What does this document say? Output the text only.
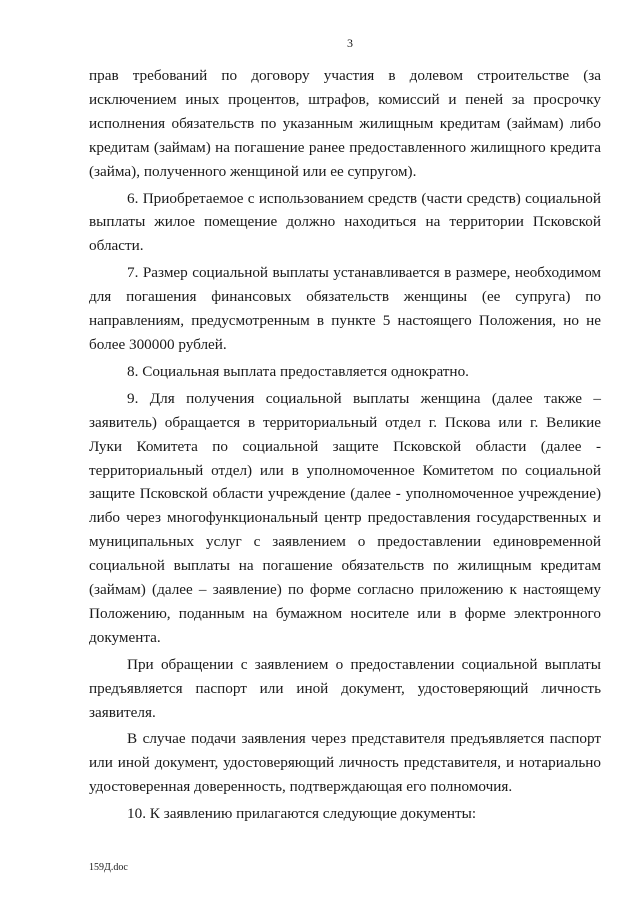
3

прав требований по договору участия в долевом строительстве (за исключением иных процентов, штрафов, комиссий и пеней за просрочку исполнения обязательств по указанным жилищным кредитам (займам) либо кредитам (займам) на погашение ранее предоставленного жилищного кредита (займа), полученного женщиной или ее супругом).

6. Приобретаемое с использованием средств (части средств) социальной выплаты жилое помещение должно находиться на территории Псковской области.

7. Размер социальной выплаты устанавливается в размере, необходимом для погашения финансовых обязательств женщины (ее супруга) по направлениям, предусмотренным в пункте 5 настоящего Положения, но не более 300000 рублей.

8. Социальная выплата предоставляется однократно.

9. Для получения социальной выплаты женщина (далее также – заявитель) обращается в территориальный отдел г. Пскова или г. Великие Луки Комитета по социальной защите Псковской области (далее - территориальный отдел) или в уполномоченное Комитетом по социальной защите Псковской области учреждение (далее - уполномоченное учреждение) либо через многофункциональный центр предоставления государственных и муниципальных услуг с заявлением о предоставлении единовременной социальной выплаты на погашение обязательств по жилищным кредитам (займам) (далее – заявление) по форме согласно приложению к настоящему Положению, поданным на бумажном носителе или в форме электронного документа.

При обращении с заявлением о предоставлении социальной выплаты предъявляется паспорт или иной документ, удостоверяющий личность заявителя.

В случае подачи заявления через представителя предъявляется паспорт или иной документ, удостоверяющий личность представителя, и нотариально удостоверенная доверенность, подтверждающая его полномочия.

10. К заявлению прилагаются следующие документы:

159Д.doc
